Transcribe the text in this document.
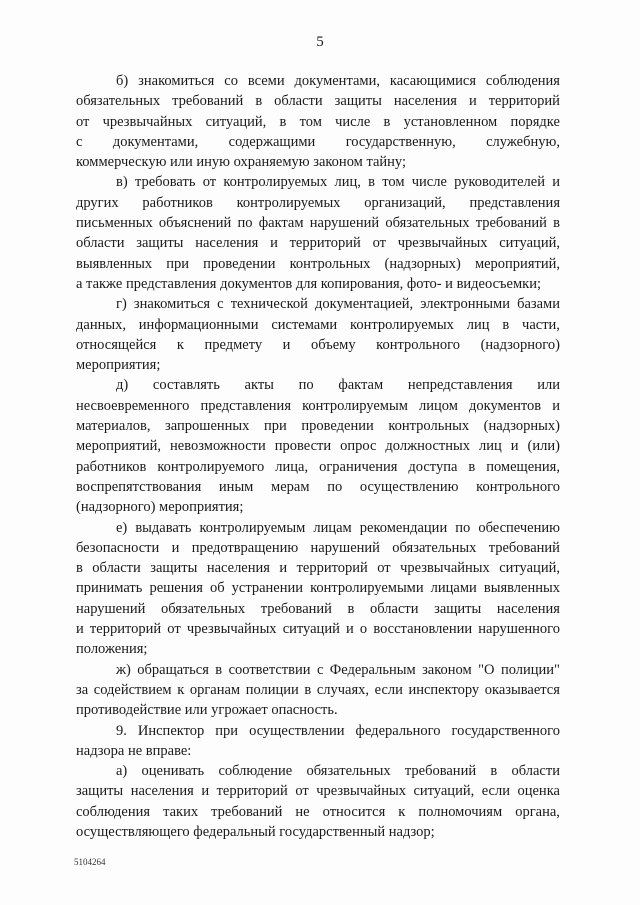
5
б) знакомиться со всеми документами, касающимися соблюдения
обязательных требований в области защиты населения и территорий
от чрезвычайных ситуаций, в том числе в установленном порядке
с документами, содержащими государственную, служебную,
коммерческую или иную охраняемую законом тайну;
в) требовать от контролируемых лиц, в том числе руководителей и
других работников контролируемых организаций, представления
письменных объяснений по фактам нарушений обязательных требований в
области защиты населения и территорий от чрезвычайных ситуаций,
выявленных при проведении контрольных (надзорных) мероприятий,
а также представления документов для копирования, фото- и видеосъемки;
г) знакомиться с технической документацией, электронными базами
данных, информационными системами контролируемых лиц в части,
относящейся к предмету и объему контрольного (надзорного)
мероприятия;
д) составлять акты по фактам непредставления или
несвоевременного представления контролируемым лицом документов и
материалов, запрошенных при проведении контрольных (надзорных)
мероприятий, невозможности провести опрос должностных лиц и (или)
работников контролируемого лица, ограничения доступа в помещения,
воспрепятствования иным мерам по осуществлению контрольного
(надзорного) мероприятия;
е) выдавать контролируемым лицам рекомендации по обеспечению
безопасности и предотвращению нарушений обязательных требований
в области защиты населения и территорий от чрезвычайных ситуаций,
принимать решения об устранении контролируемыми лицами выявленных
нарушений обязательных требований в области защиты населения
и территорий от чрезвычайных ситуаций и о восстановлении нарушенного
положения;
ж) обращаться в соответствии с Федеральным законом "О полиции"
за содействием к органам полиции в случаях, если инспектору оказывается
противодействие или угрожает опасность.
9. Инспектор при осуществлении федерального государственного
надзора не вправе:
а) оценивать соблюдение обязательных требований в области
защиты населения и территорий от чрезвычайных ситуаций, если оценка
соблюдения таких требований не относится к полномочиям органа,
осуществляющего федеральный государственный надзор;
5104264
